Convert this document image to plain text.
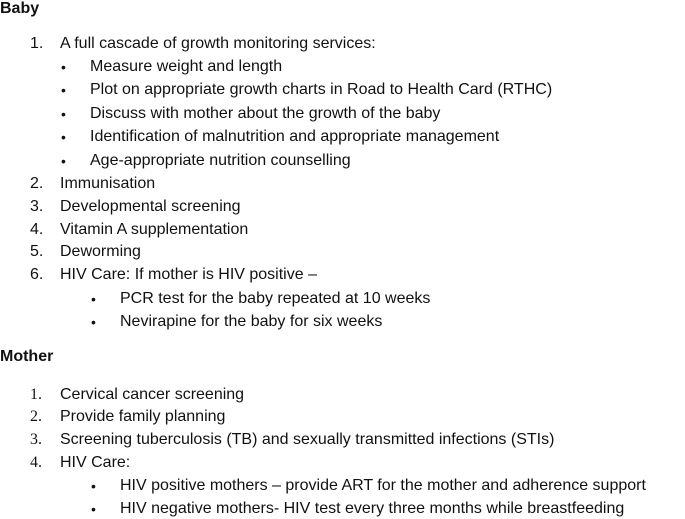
Baby
1. A full cascade of growth monitoring services:
• Measure weight and length
• Plot on appropriate growth charts in Road to Health Card (RTHC)
• Discuss with mother about the growth of the baby
• Identification of malnutrition and appropriate management
• Age-appropriate nutrition counselling
2. Immunisation
3. Developmental screening
4. Vitamin A supplementation
5. Deworming
6. HIV Care: If mother is HIV positive –
• PCR test for the baby repeated at 10 weeks
• Nevirapine for the baby for six weeks
Mother
1. Cervical cancer screening
2. Provide family planning
3. Screening tuberculosis (TB) and sexually transmitted infections (STIs)
4. HIV Care:
• HIV positive mothers – provide ART for the mother and adherence support
• HIV negative mothers- HIV test every three months while breastfeeding
